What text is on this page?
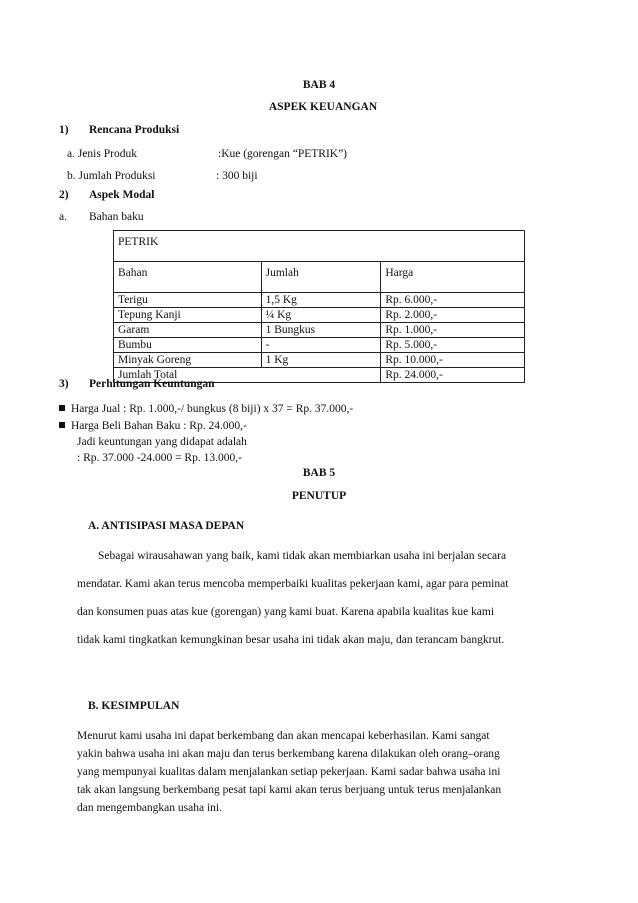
BAB 4
ASPEK KEUANGAN
1) Rencana Produksi
a. Jenis Produk	:Kue (gorengan “PETRIK”)
b. Jumlah Produksi	: 300 biji
2) Aspek Modal
a. Bahan baku
PETRIK		
Bahan	Jumlah	Harga
Terigu	1,5 Kg	Rp. 6.000,-
Tepung Kanji	¼ Kg	Rp. 2.000,-
Garam	1 Bungkus	Rp. 1.000,-
Bumbu	-	Rp. 5.000,-
Minyak Goreng	1 Kg	Rp. 10.000,-
Jumlah Total		Rp. 24.000,-
3) Perhitungan Keuntungan
Harga Jual : Rp. 1.000,-/ bungkus (8 biji) x 37 = Rp. 37.000,-
Harga Beli Bahan Baku : Rp. 24.000,-
Jadi keuntungan yang didapat adalah
: Rp. 37.000 -24.000 = Rp. 13.000,-
BAB 5
PENUTUP
A. ANTISIPASI MASA DEPAN
Sebagai wirausahawan yang baik, kami tidak akan membiarkan usaha ini berjalan secara
mendatar. Kami akan terus mencoba memperbaiki kualitas pekerjaan kami, agar para peminat
dan konsumen puas atas kue (gorengan) yang kami buat. Karena apabila kualitas kue kami
tidak kami tingkatkan kemungkinan besar usaha ini tidak akan maju, dan terancam bangkrut.
B. KESIMPULAN
Menurut kami usaha ini dapat berkembang dan akan mencapai keberhasilan. Kami sangat
yakin bahwa usaha ini akan maju dan terus berkembang karena dilakukan oleh orang–orang
yang mempunyai kualitas dalam menjalankan setiap pekerjaan. Kami sadar bahwa usaha ini
tak akan langsung berkembang pesat tapi kami akan terus berjuang untuk terus menjalankan
dan mengembangkan usaha ini.
